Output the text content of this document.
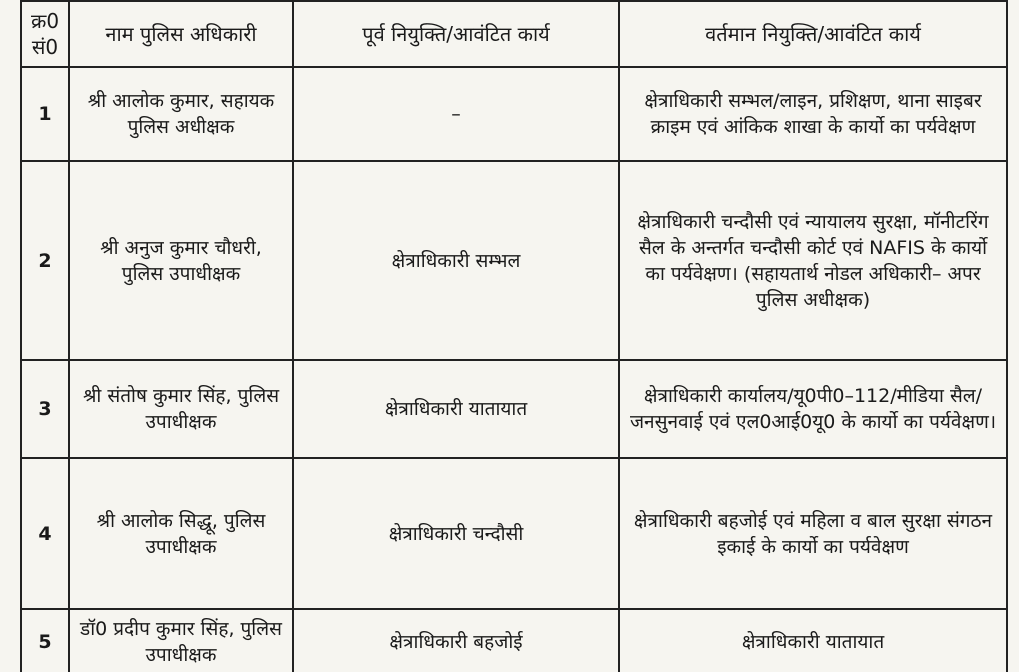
क्र0 सं0	नाम पुलिस अधिकारी	पूर्व नियुक्ति/आवंटित कार्य	वर्तमान नियुक्ति/आवंटित कार्य
1	श्री आलोक कुमार, सहायक पुलिस अधीक्षक	–	क्षेत्राधिकारी सम्भल/लाइन, प्रशिक्षण, थाना साइबर क्राइम एवं आंकिक शाखा के कार्यो का पर्यवेक्षण
2	श्री अनुज कुमार चौधरी, पुलिस उपाधीक्षक	क्षेत्राधिकारी सम्भल	क्षेत्राधिकारी चन्दौसी एवं न्यायालय सुरक्षा, मॉनीटरिंग सैल के अन्तर्गत चन्दौसी कोर्ट एवं NAFIS के कार्यो का पर्यवेक्षण। (सहायतार्थ नोडल अधिकारी– अपर पुलिस अधीक्षक)
3	श्री संतोष कुमार सिंह, पुलिस उपाधीक्षक	क्षेत्राधिकारी यातायात	क्षेत्राधिकारी कार्यालय/यू0पी0–112/मीडिया सैल/जनसुनवाई एवं एल0आई0यू0 के कार्यो का पर्यवेक्षण।
4	श्री आलोक सिद्धू, पुलिस उपाधीक्षक	क्षेत्राधिकारी चन्दौसी	क्षेत्राधिकारी बहजोई एवं महिला व बाल सुरक्षा संगठन इकाई के कार्यो का पर्यवेक्षण
5	डॉ0 प्रदीप कुमार सिंह, पुलिस उपाधीक्षक	क्षेत्राधिकारी बहजोई	क्षेत्राधिकारी यातायात
